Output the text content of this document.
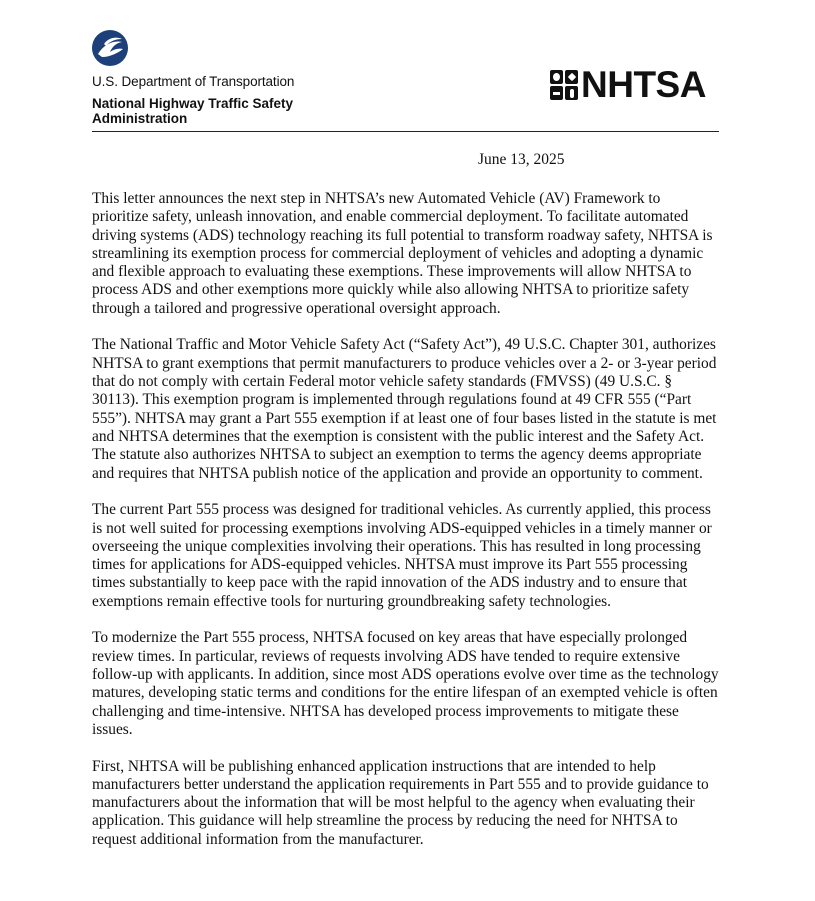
U.S. Department of Transportation
National Highway Traffic Safety
Administration
NHTSA
June 13, 2025

This letter announces the next step in NHTSA’s new Automated Vehicle (AV) Framework to prioritize safety, unleash innovation, and enable commercial deployment. To facilitate automated driving systems (ADS) technology reaching its full potential to transform roadway safety, NHTSA is streamlining its exemption process for commercial deployment of vehicles and adopting a dynamic and flexible approach to evaluating these exemptions. These improvements will allow NHTSA to process ADS and other exemptions more quickly while also allowing NHTSA to prioritize safety through a tailored and progressive operational oversight approach.

The National Traffic and Motor Vehicle Safety Act (“Safety Act”), 49 U.S.C. Chapter 301, authorizes NHTSA to grant exemptions that permit manufacturers to produce vehicles over a 2- or 3-year period that do not comply with certain Federal motor vehicle safety standards (FMVSS) (49 U.S.C. § 30113). This exemption program is implemented through regulations found at 49 CFR 555 (“Part 555”). NHTSA may grant a Part 555 exemption if at least one of four bases listed in the statute is met and NHTSA determines that the exemption is consistent with the public interest and the Safety Act. The statute also authorizes NHTSA to subject an exemption to terms the agency deems appropriate and requires that NHTSA publish notice of the application and provide an opportunity to comment.

The current Part 555 process was designed for traditional vehicles. As currently applied, this process is not well suited for processing exemptions involving ADS-equipped vehicles in a timely manner or overseeing the unique complexities involving their operations. This has resulted in long processing times for applications for ADS-equipped vehicles. NHTSA must improve its Part 555 processing times substantially to keep pace with the rapid innovation of the ADS industry and to ensure that exemptions remain effective tools for nurturing groundbreaking safety technologies.

To modernize the Part 555 process, NHTSA focused on key areas that have especially prolonged review times. In particular, reviews of requests involving ADS have tended to require extensive follow-up with applicants. In addition, since most ADS operations evolve over time as the technology matures, developing static terms and conditions for the entire lifespan of an exempted vehicle is often challenging and time-intensive. NHTSA has developed process improvements to mitigate these issues.

First, NHTSA will be publishing enhanced application instructions that are intended to help manufacturers better understand the application requirements in Part 555 and to provide guidance to manufacturers about the information that will be most helpful to the agency when evaluating their application. This guidance will help streamline the process by reducing the need for NHTSA to request additional information from the manufacturer.
